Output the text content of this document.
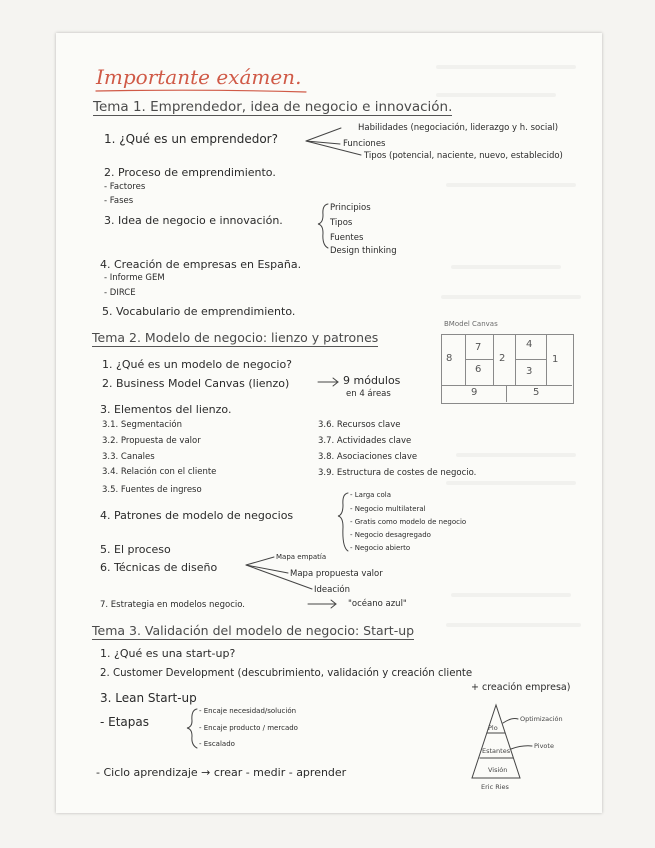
Importante exámen.
Tema 1. Emprendedor, idea de negocio e innovación.
1. ¿Qué es un emprendedor?
Habilidades (negociación, liderazgo y h. social)
Funciones
Tipos (potencial, naciente, nuevo, establecido)
2. Proceso de emprendimiento.
- Factores
- Fases
3. Idea de negocio e innovación.
Principios
Tipos
Fuentes
Design thinking
4. Creación de empresas en España.
- Informe GEM
- DIRCE
5. Vocabulario de emprendimiento.
Tema 2. Modelo de negocio: lienzo y patrones
1. ¿Qué es un modelo de negocio?
2. Business Model Canvas (lienzo)	9 módulos
en 4 áreas
3. Elementos del lienzo.
3.1. Segmentación
3.2. Propuesta de valor
3.3. Canales
3.4. Relación con el cliente
3.5. Fuentes de ingreso
3.6. Recursos clave
3.7. Actividades clave
3.8. Asociaciones clave
3.9. Estructura de costes de negocio.
4. Patrones de modelo de negocios
- Larga cola
- Negocio multilateral
- Gratis como modelo de negocio
- Negocio desagregado
- Negocio abierto
5. El proceso
6. Técnicas de diseño
Mapa empatía
Mapa propuesta valor
Ideación
7. Estrategia en modelos negocio.	"océano azul"
BModel Canvas
8
7
2
4
1
6	3
9	5
Tema 3. Validación del modelo de negocio: Start-up
1. ¿Qué es una start-up?
2. Customer Development (descubrimiento, validación y creación cliente
+ creación empresa)
3. Lean Start-up
- Etapas
- Encaje necesidad/solución
- Encaje producto / mercado
- Escalado
- Ciclo aprendizaje → crear - medir - aprender
Plo
Estantes
Visión
Optimización
Pivote
Eric Ries
